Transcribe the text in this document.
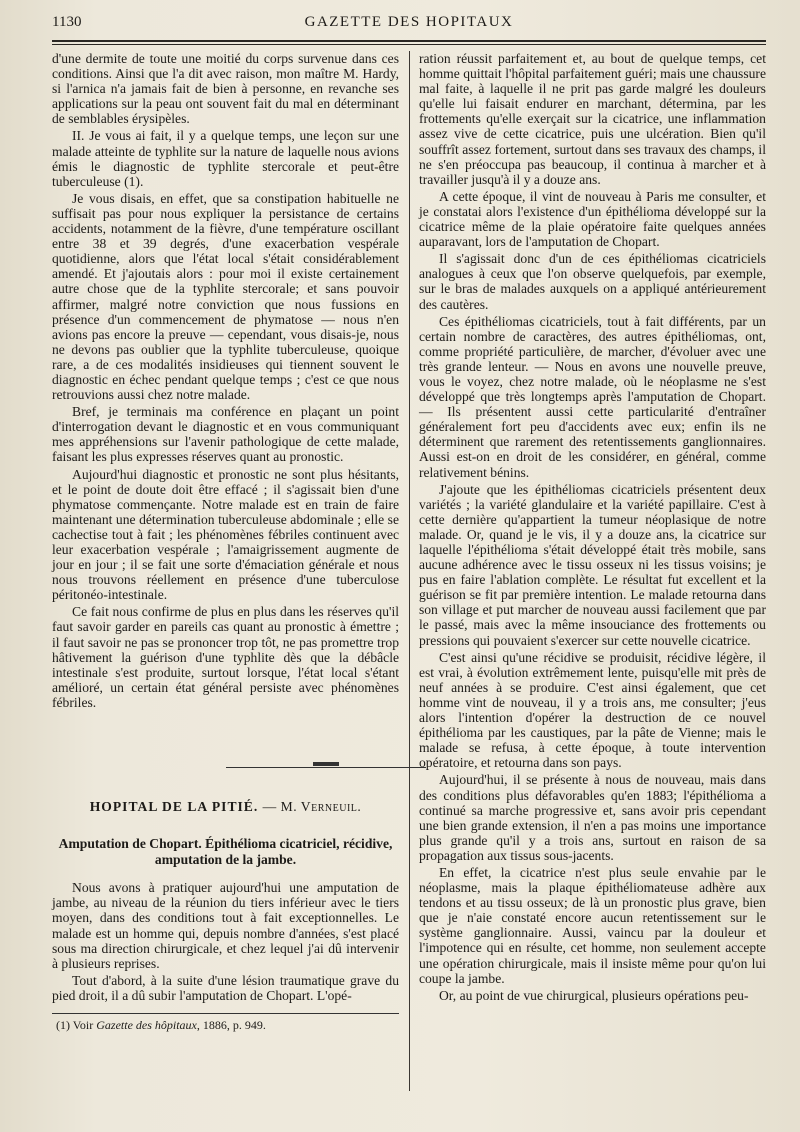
1130	GAZETTE DES HOPITAUX

d'une dermite de toute une moitié du corps survenue dans ces conditions. Ainsi que l'a dit avec raison, mon maître M. Hardy, si l'arnica n'a jamais fait de bien à personne, en revanche ses applications sur la peau ont souvent fait du mal en déterminant de semblables érysipèles.

II. Je vous ai fait, il y a quelque temps, une leçon sur une malade atteinte de typhlite sur la nature de laquelle nous avions émis le diagnostic de typhlite stercorale et peut-être tuberculeuse (1).

Je vous disais, en effet, que sa constipation habituelle ne suffisait pas pour nous expliquer la persistance de certains accidents, notamment de la fièvre, d'une température oscillant entre 38 et 39 degrés, d'une exacerbation vespérale quotidienne, alors que l'état local s'était considérablement amendé. Et j'ajoutais alors : pour moi il existe certainement autre chose que de la typhlite stercorale; et sans pouvoir affirmer, malgré notre conviction que nous fussions en présence d'un commencement de phymatose — nous n'en avions pas encore la preuve — cependant, vous disais-je, nous ne devons pas oublier que la typhlite tuberculeuse, quoique rare, a de ces modalités insidieuses qui tiennent souvent le diagnostic en échec pendant quelque temps ; c'est ce que nous retrouvions aussi chez notre malade.

Bref, je terminais ma conférence en plaçant un point d'interrogation devant le diagnostic et en vous communiquant mes appréhensions sur l'avenir pathologique de cette malade, faisant les plus expresses réserves quant au pronostic.

Aujourd'hui diagnostic et pronostic ne sont plus hésitants, et le point de doute doit être effacé ; il s'agissait bien d'une phymatose commençante. Notre malade est en train de faire maintenant une détermination tuberculeuse abdominale ; elle se cachectise tout à fait ; les phénomènes fébriles continuent avec leur exacerbation vespérale ; l'amaigrissement augmente de jour en jour ; il se fait une sorte d'émaciation générale et nous nous trouvons réellement en présence d'une tuberculose péritonéo-intestinale.

Ce fait nous confirme de plus en plus dans les réserves qu'il faut savoir garder en pareils cas quant au pronostic à émettre ; il faut savoir ne pas se prononcer trop tôt, ne pas promettre trop hâtivement la guérison d'une typhlite dès que la débâcle intestinale s'est produite, surtout lorsque, l'état local s'étant amélioré, un certain état général persiste avec phénomènes fébriles.

HOPITAL DE LA PITIÉ. — M. Verneuil.
Amputation de Chopart. Épithélioma cicatriciel, récidive, amputation de la jambe.

Nous avons à pratiquer aujourd'hui une amputation de jambe, au niveau de la réunion du tiers inférieur avec le tiers moyen, dans des conditions tout à fait exceptionnelles. Le malade est un homme qui, depuis nombre d'années, s'est placé sous ma direction chirurgicale, et chez lequel j'ai dû intervenir à plusieurs reprises.

Tout d'abord, à la suite d'une lésion traumatique grave du pied droit, il a dû subir l'amputation de Chopart. L'opé-

(1) Voir Gazette des hôpitaux, 1886, p. 949.

ration réussit parfaitement et, au bout de quelque temps, cet homme quittait l'hôpital parfaitement guéri; mais une chaussure mal faite, à laquelle il ne prit pas garde malgré les douleurs qu'elle lui faisait endurer en marchant, détermina, par les frottements qu'elle exerçait sur la cicatrice, une inflammation assez vive de cette cicatrice, puis une ulcération. Bien qu'il souffrît assez fortement, surtout dans ses travaux des champs, il ne s'en préoccupa pas beaucoup, il continua à marcher et à travailler jusqu'à il y a douze ans.

A cette époque, il vint de nouveau à Paris me consulter, et je constatai alors l'existence d'un épithélioma développé sur la cicatrice même de la plaie opératoire faite quelques années auparavant, lors de l'amputation de Chopart.

Il s'agissait donc d'un de ces épithéliomas cicatriciels analogues à ceux que l'on observe quelquefois, par exemple, sur le bras de malades auxquels on a appliqué antérieurement des cautères.

Ces épithéliomas cicatriciels, tout à fait différents, par un certain nombre de caractères, des autres épithéliomas, ont, comme propriété particulière, de marcher, d'évoluer avec une très grande lenteur. — Nous en avons une nouvelle preuve, vous le voyez, chez notre malade, où le néoplasme ne s'est développé que très longtemps après l'amputation de Chopart. — Ils présentent aussi cette particularité d'entraîner généralement fort peu d'accidents avec eux; enfin ils ne déterminent que rarement des retentissements ganglionnaires. Aussi est-on en droit de les considérer, en général, comme relativement bénins.

J'ajoute que les épithéliomas cicatriciels présentent deux variétés ; la variété glandulaire et la variété papillaire. C'est à cette dernière qu'appartient la tumeur néoplasique de notre malade. Or, quand je le vis, il y a douze ans, la cicatrice sur laquelle l'épithélioma s'était développé était très mobile, sans aucune adhérence avec le tissu osseux ni les tissus voisins; je pus en faire l'ablation complète. Le résultat fut excellent et la guérison se fit par première intention. Le malade retourna dans son village et put marcher de nouveau aussi facilement que par le passé, mais avec la même insouciance des frottements ou pressions qui pouvaient s'exercer sur cette nouvelle cicatrice.

C'est ainsi qu'une récidive se produisit, récidive légère, il est vrai, à évolution extrêmement lente, puisqu'elle mit près de neuf années à se produire. C'est ainsi également, que cet homme vint de nouveau, il y a trois ans, me consulter; j'eus alors l'intention d'opérer la destruction de ce nouvel épithélioma par les caustiques, par la pâte de Vienne; mais le malade se refusa, à cette époque, à toute intervention opératoire, et retourna dans son pays.

Aujourd'hui, il se présente à nous de nouveau, mais dans des conditions plus défavorables qu'en 1883; l'épithélioma a continué sa marche progressive et, sans avoir pris cependant une bien grande extension, il n'en a pas moins une importance plus grande qu'il y a trois ans, surtout en raison de sa propagation aux tissus sous-jacents.

En effet, la cicatrice n'est plus seule envahie par le néoplasme, mais la plaque épithéliomateuse adhère aux tendons et au tissu osseux; de là un pronostic plus grave, bien que je n'aie constaté encore aucun retentissement sur le système ganglionnaire. Aussi, vaincu par la douleur et l'impotence qui en résulte, cet homme, non seulement accepte une opération chirurgicale, mais il insiste même pour qu'on lui coupe la jambe.

Or, au point de vue chirurgical, plusieurs opérations peu-
